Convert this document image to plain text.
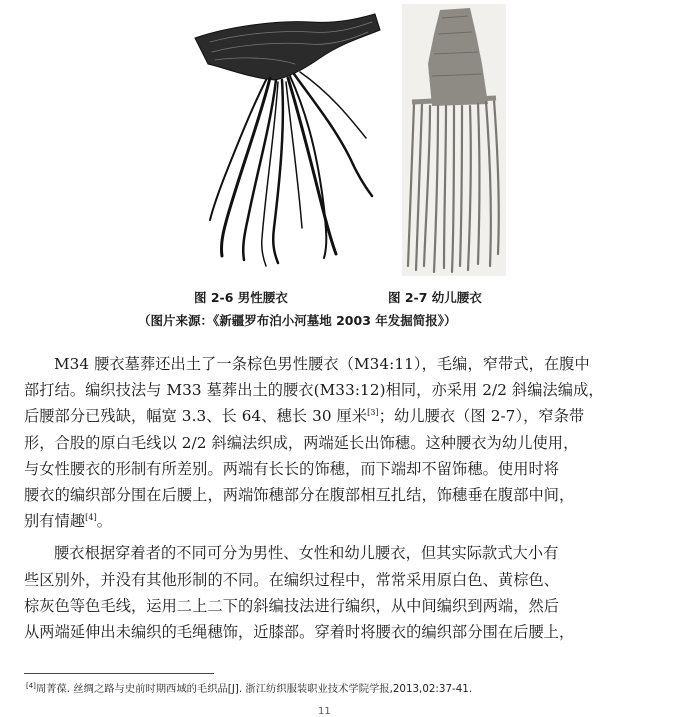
图 2-6 男性腰衣	图 2-7 幼儿腰衣
（图片来源：《新疆罗布泊小河墓地 2003 年发掘简报》）
M34 腰衣墓葬还出土了一条棕色男性腰衣（M34:11），毛编，窄带式，在腹中
部打结。编织技法与 M33 墓葬出土的腰衣(M33:12)相同，亦采用 2/2 斜编法编成，
后腰部分已残缺，幅宽 3.3、长 64、穗长 30 厘米[3]；幼儿腰衣（图 2-7），窄条带
形，合股的原白毛线以 2/2 斜编法织成，两端延长出饰穗。这种腰衣为幼儿使用，
与女性腰衣的形制有所差别。两端有长长的饰穗，而下端却不留饰穗。使用时将
腰衣的编织部分围在后腰上，两端饰穗部分在腹部相互扎结，饰穗垂在腹部中间，
别有情趣[4]。
腰衣根据穿着者的不同可分为男性、女性和幼儿腰衣，但其实际款式大小有
些区别外，并没有其他形制的不同。在编织过程中，常常采用原白色、黄棕色、
棕灰色等色毛线，运用二上二下的斜编技法进行编织，从中间编织到两端，然后
从两端延伸出未编织的毛绳穗饰，近膝部。穿着时将腰衣的编织部分围在后腰上，
[4]周菁葆. 丝绸之路与史前时期西域的毛织品[J]. 浙江纺织服装职业技术学院学报,2013,02:37-41.
11
